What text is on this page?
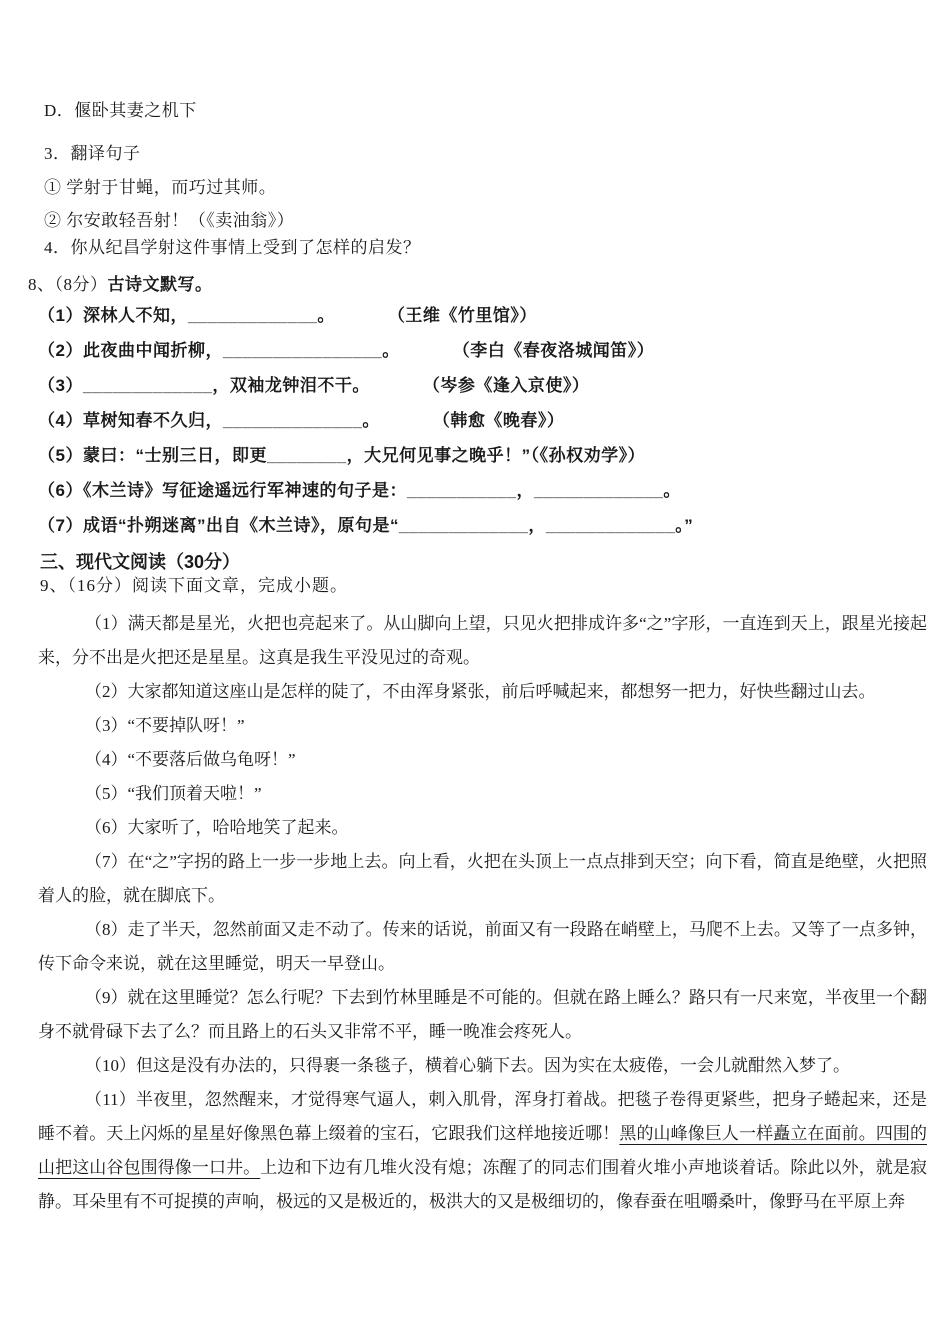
D．偃卧其妻之机下
3．翻译句子
① 学射于甘蝇，而巧过其师。
② 尔安敢轻吾射！（《卖油翁》）
4．你从纪昌学射这件事情上受到了怎样的启发？
8、（8分）古诗文默写。
（1）深林人不知，_____________。　　　　（王维《竹里馆》）
（2）此夜曲中闻折柳，________________。　　　　（李白《春夜洛城闻笛》）
（3）_____________，双袖龙钟泪不干。　　　　（岑参《逢入京使》）
（4）草树知春不久归，______________。　　　　（韩愈《晚春》）
（5）蒙曰：“士别三日，即更________，大兄何见事之晚乎！”（《孙权劝学》）
（6）《木兰诗》写征途遥远行军神速的句子是：___________，_____________。
（7）成语“扑朔迷离”出自《木兰诗》，原句是“_____________，_____________。”
三、现代文阅读（30分）
9、（16分）阅读下面文章，完成小题。

（1）满天都是星光，火把也亮起来了。从山脚向上望，只见火把排成许多“之”字形，一直连到天上，跟星光接起来，分不出是火把还是星星。这真是我生平没见过的奇观。

（2）大家都知道这座山是怎样的陡了，不由浑身紧张，前后呼喊起来，都想努一把力，好快些翻过山去。

（3）“不要掉队呀！”

（4）“不要落后做乌龟呀！”

（5）“我们顶着天啦！”

（6）大家听了，哈哈地笑了起来。

（7）在“之”字拐的路上一步一步地上去。向上看，火把在头顶上一点点排到天空；向下看，简直是绝壁，火把照着人的脸，就在脚底下。

（8）走了半天，忽然前面又走不动了。传来的话说，前面又有一段路在峭壁上，马爬不上去。又等了一点多钟，传下命令来说，就在这里睡觉，明天一早登山。

（9）就在这里睡觉？怎么行呢？下去到竹林里睡是不可能的。但就在路上睡么？路只有一尺来宽，半夜里一个翻身不就骨碌下去了么？而且路上的石头又非常不平，睡一晚准会疼死人。

（10）但这是没有办法的，只得裹一条毯子，横着心躺下去。因为实在太疲倦，一会儿就酣然入梦了。

（11）半夜里，忽然醒来，才觉得寒气逼人，刺入肌骨，浑身打着战。把毯子卷得更紧些，把身子蜷起来，还是睡不着。天上闪烁的星星好像黑色幕上缀着的宝石，它跟我们这样地接近哪！黑的山峰像巨人一样矗立在面前。四围的山把这山谷包围得像一口井。上边和下边有几堆火没有熄；冻醒了的同志们围着火堆小声地谈着话。除此以外，就是寂静。耳朵里有不可捉摸的声响，极远的又是极近的，极洪大的又是极细切的，像春蚕在咀嚼桑叶，像野马在平原上奔
